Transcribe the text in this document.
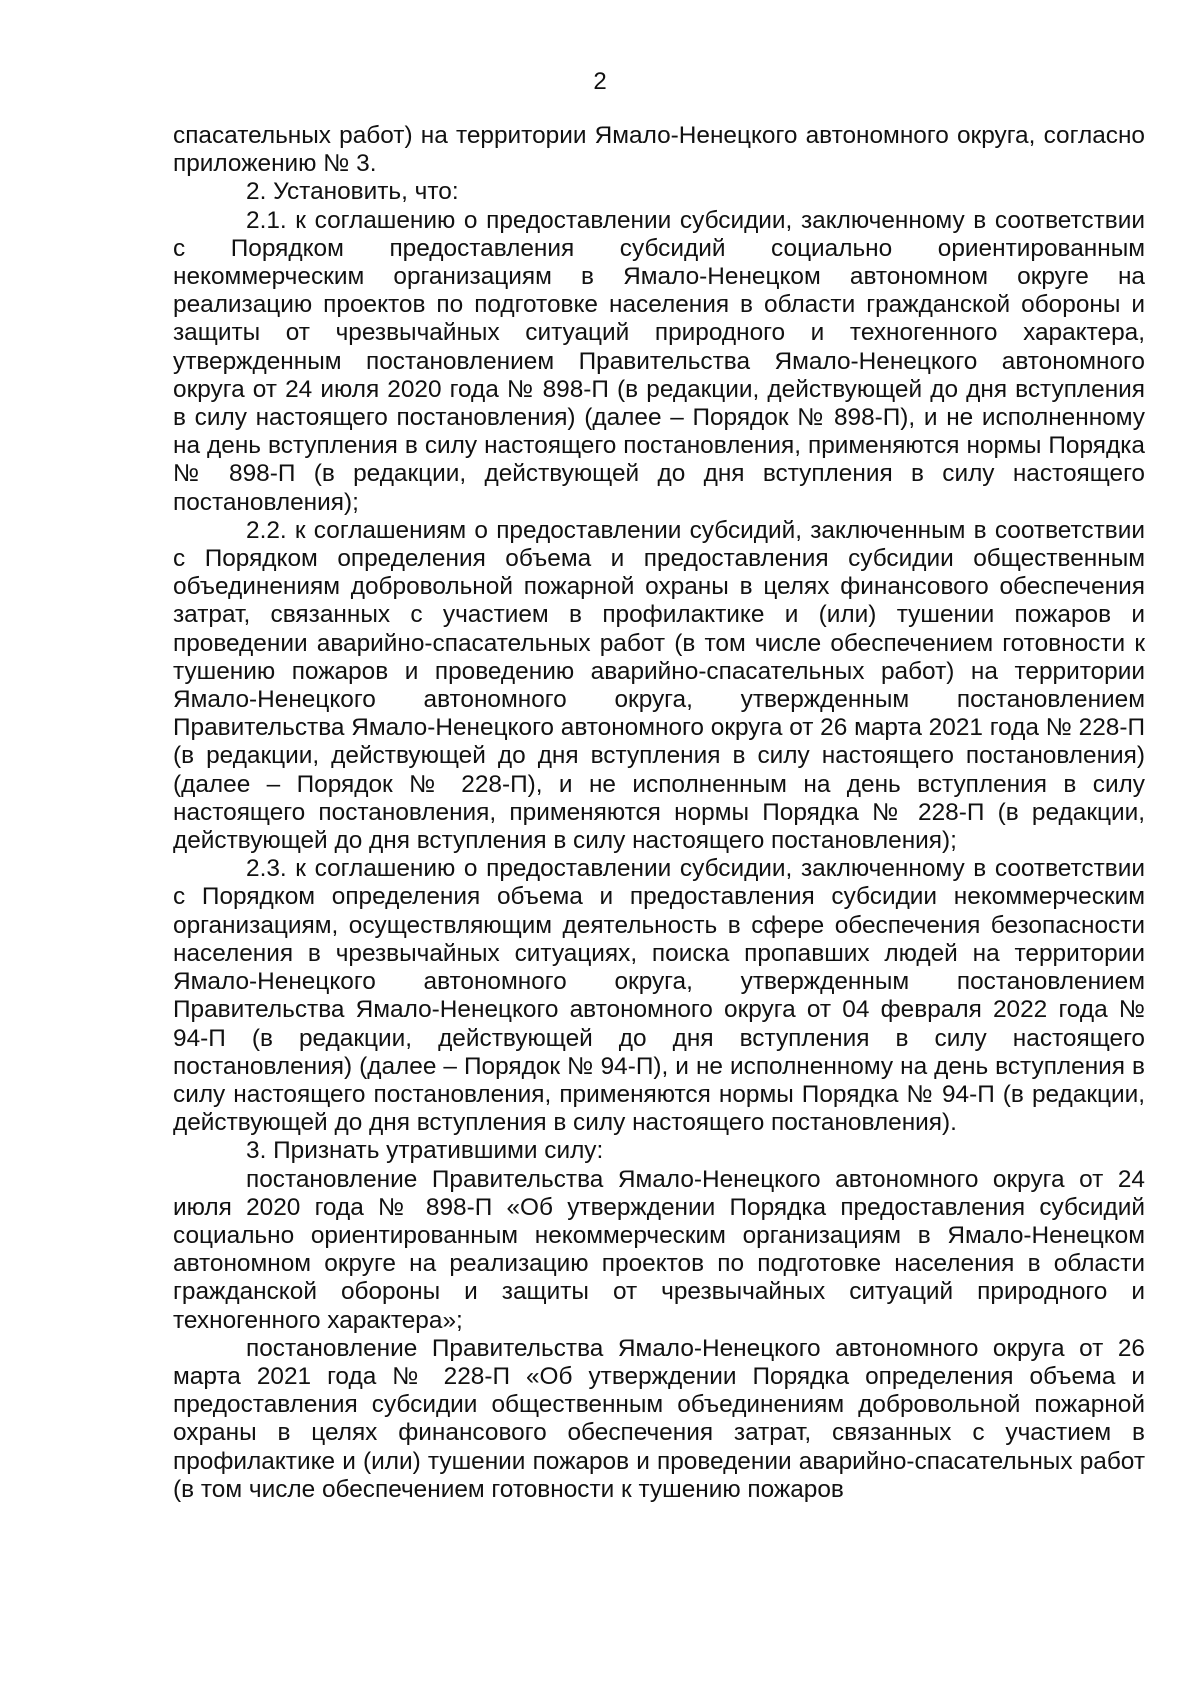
2

спасательных работ) на территории Ямало-Ненецкого автономного округа, согласно приложению № 3.

2. Установить, что:

2.1. к соглашению о предоставлении субсидии, заключенному в соответствии с Порядком предоставления субсидий социально ориентированным некоммерческим организациям в Ямало-Ненецком автономном округе на реализацию проектов по подготовке населения в области гражданской обороны и защиты от чрезвычайных ситуаций природного и техногенного характера, утвержденным постановлением Правительства Ямало-Ненецкого автономного округа от 24 июля 2020 года № 898-П (в редакции, действующей до дня вступления в силу настоящего постановления) (далее – Порядок № 898-П), и не исполненному на день вступления в силу настоящего постановления, применяются нормы Порядка № 898-П (в редакции, действующей до дня вступления в силу настоящего постановления);

2.2. к соглашениям о предоставлении субсидий, заключенным в соответствии с Порядком определения объема и предоставления субсидии общественным объединениям добровольной пожарной охраны в целях финансового обеспечения затрат, связанных с участием в профилактике и (или) тушении пожаров и проведении аварийно-спасательных работ (в том числе обеспечением готовности к тушению пожаров и проведению аварийно-спасательных работ) на территории Ямало-Ненецкого автономного округа, утвержденным постановлением Правительства Ямало-Ненецкого автономного округа от 26 марта 2021 года № 228-П (в редакции, действующей до дня вступления в силу настоящего постановления) (далее – Порядок № 228-П), и не исполненным на день вступления в силу настоящего постановления, применяются нормы Порядка № 228-П (в редакции, действующей до дня вступления в силу настоящего постановления);

2.3. к соглашению о предоставлении субсидии, заключенному в соответствии с Порядком определения объема и предоставления субсидии некоммерческим организациям, осуществляющим деятельность в сфере обеспечения безопасности населения в чрезвычайных ситуациях, поиска пропавших людей на территории Ямало-Ненецкого автономного округа, утвержденным постановлением Правительства Ямало-Ненецкого автономного округа от 04 февраля 2022 года № 94-П (в редакции, действующей до дня вступления в силу настоящего постановления) (далее – Порядок № 94-П), и не исполненному на день вступления в силу настоящего постановления, применяются нормы Порядка № 94-П (в редакции, действующей до дня вступления в силу настоящего постановления).

3. Признать утратившими силу:

постановление Правительства Ямало-Ненецкого автономного округа от 24 июля 2020 года № 898-П «Об утверждении Порядка предоставления субсидий социально ориентированным некоммерческим организациям в Ямало-Ненецком автономном округе на реализацию проектов по подготовке населения в области гражданской обороны и защиты от чрезвычайных ситуаций природного и техногенного характера»;

постановление Правительства Ямало-Ненецкого автономного округа от 26 марта 2021 года № 228-П «Об утверждении Порядка определения объема и предоставления субсидии общественным объединениям добровольной пожарной охраны в целях финансового обеспечения затрат, связанных с участием в профилактике и (или) тушении пожаров и проведении аварийно-спасательных работ (в том числе обеспечением готовности к тушению пожаров
